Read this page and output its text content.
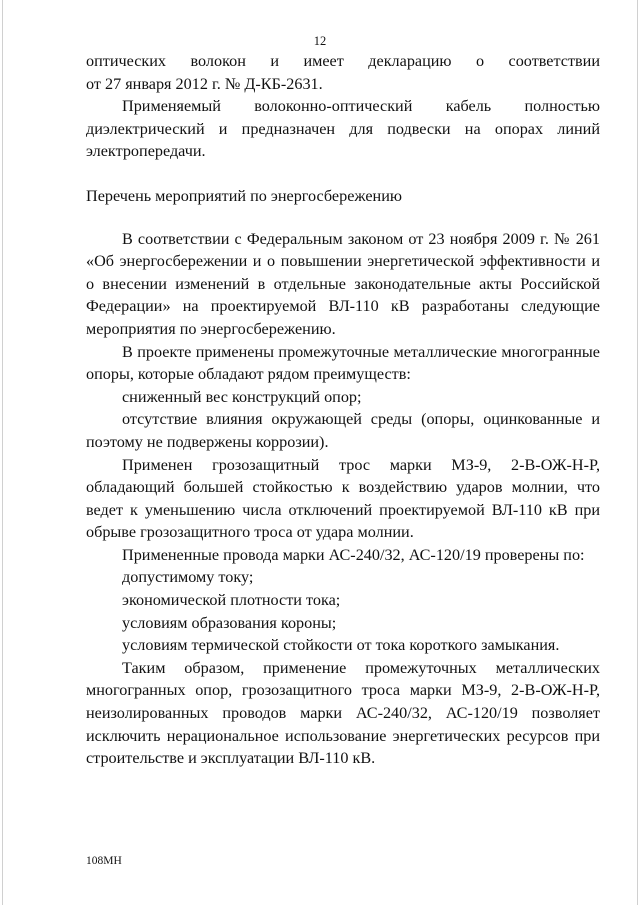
12

оптических волокон и имеет декларацию о соответствии

от 27 января 2012 г. № Д-КБ-2631.

Применяемый волоконно-оптический кабель полностью

диэлектрический и предназначен для подвески на опорах линий

электропередачи.

Перечень мероприятий по энергосбережению

В соответствии с Федеральным законом от 23 ноября 2009 г. № 261 «Об энергосбережении и о повышении энергетической эффективности и о внесении изменений в отдельные законодательные акты Российской Федерации» на проектируемой ВЛ-110 кВ разработаны следующие мероприятия по энергосбережению.

В проекте применены промежуточные металлические многогранные опоры, которые обладают рядом преимуществ:

сниженный вес конструкций опор;

отсутствие влияния окружающей среды (опоры, оцинкованные и поэтому не подвержены коррозии).

Применен грозозащитный трос марки МЗ-9, 2-В-ОЖ-Н-Р, обладающий большей стойкостью к воздействию ударов молнии, что ведет к уменьшению числа отключений проектируемой ВЛ-110 кВ при обрыве грозозащитного троса от удара молнии.

Примененные провода марки АС-240/32, АС-120/19 проверены по:

допустимому току;

экономической плотности тока;

условиям образования короны;

условиям термической стойкости от тока короткого замыкания.

Таким образом, применение промежуточных металлических многогранных опор, грозозащитного троса марки МЗ-9, 2-В-ОЖ-Н-Р, неизолированных проводов марки АС-240/32, АС-120/19 позволяет исключить нерациональное использование энергетических ресурсов при строительстве и эксплуатации ВЛ-110 кВ.

108МН
